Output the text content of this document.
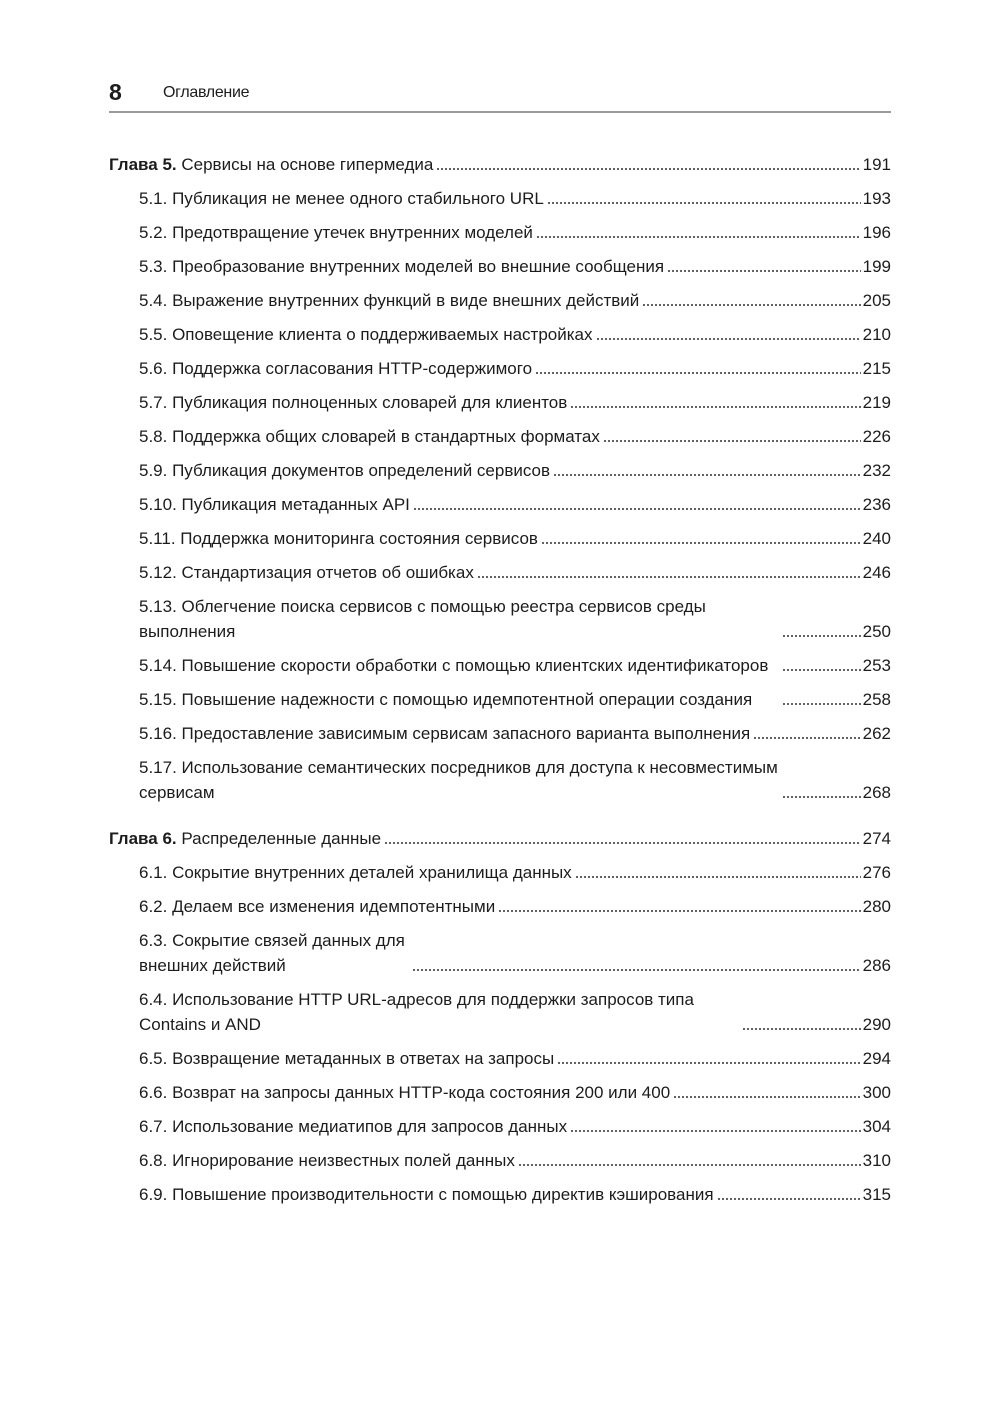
8	Оглавление
Глава 5. Сервисы на основе гипермедиа	191
5.1. Публикация не менее одного стабильного URL	193
5.2. Предотвращение утечек внутренних моделей	196
5.3. Преобразование внутренних моделей во внешние сообщения	199
5.4. Выражение внутренних функций в виде внешних действий	205
5.5. Оповещение клиента о поддерживаемых настройках	210
5.6. Поддержка согласования HTTP-содержимого	215
5.7. Публикация полноценных словарей для клиентов	219
5.8. Поддержка общих словарей в стандартных форматах	226
5.9. Публикация документов определений сервисов	232
5.10. Публикация метаданных API	236
5.11. Поддержка мониторинга состояния сервисов	240
5.12. Стандартизация отчетов об ошибках	246
5.13. Облегчение поиска сервисов с помощью реестра сервисов среды выполнения	250
5.14. Повышение скорости обработки с помощью клиентских идентификаторов	253
5.15. Повышение надежности с помощью идемпотентной операции создания	258
5.16. Предоставление зависимым сервисам запасного варианта выполнения	262
5.17. Использование семантических посредников для доступа к несовместимым сервисам	268
Глава 6. Распределенные данные	274
6.1. Сокрытие внутренних деталей хранилища данных	276
6.2. Делаем все изменения идемпотентными	280
6.3. Сокрытие связей данных для внешних действий	286
6.4. Использование HTTP URL-адресов для поддержки запросов типа Contains и AND	290
6.5. Возвращение метаданных в ответах на запросы	294
6.6. Возврат на запросы данных HTTP-кода состояния 200 или 400	300
6.7. Использование медиатипов для запросов данных	304
6.8. Игнорирование неизвестных полей данных	310
6.9. Повышение производительности с помощью директив кэширования	315
